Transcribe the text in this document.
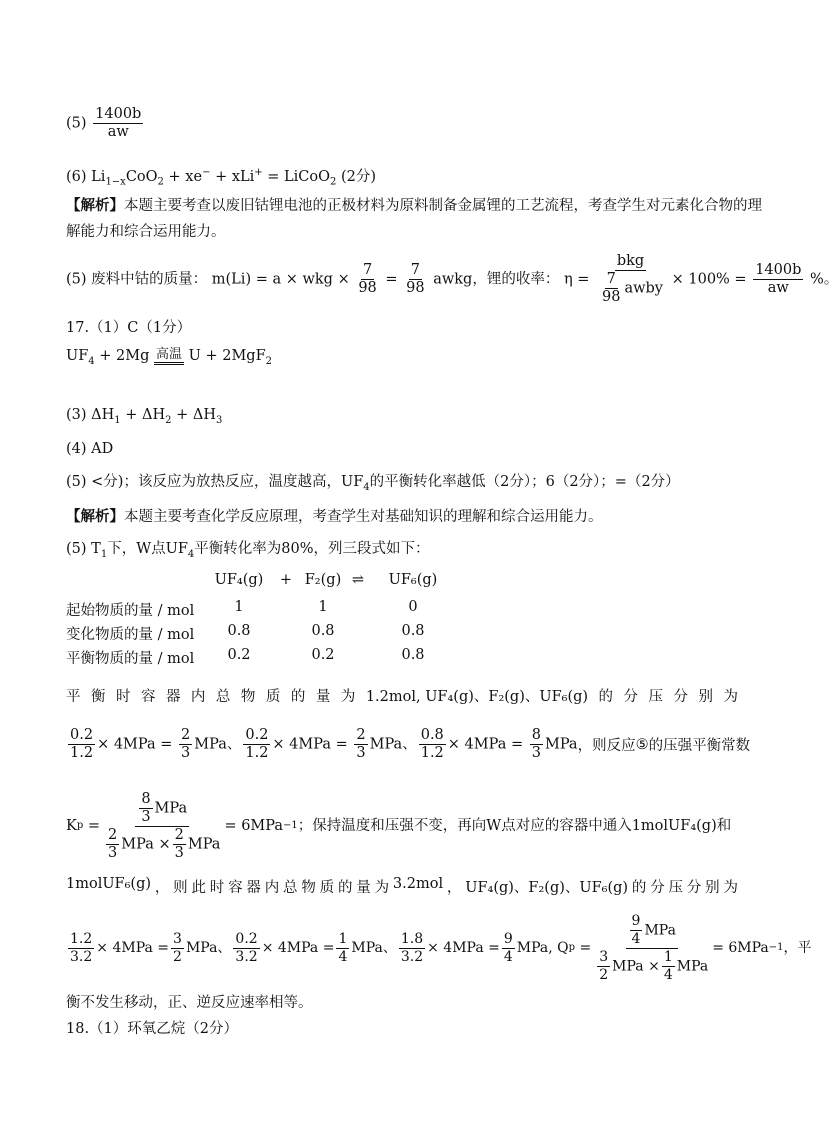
$(5) \frac{1400b}{aw}$
(6) $Li_{1-x}CoO_2 + xe^- + xLi^+$ = LiCoO$_2$ (2分)
【解析】本题主要考查以废旧钴锂电池的正极材料为原料制备金属锂的工艺流程，考查学生对元素化合物的理
解能力和综合运用能力。
(5) 废料中钴的质量： m(Li) = a × wkg × $\frac{7}{98} = \frac{7}{98}$ awkg，锂的收率： $\eta = \frac{\text{bkg}}{\frac{7}{98} awby} \times 100\% = \frac{1400b}{aw}$ %。
17.（1）C（1分）
$UF_4 + 2Mg$ 高温 U + 2MgF$_2$
(3) $\Delta H_1 + \Delta H_2 + \Delta H_3$
(4) AD
(5) <分)；该反应为放热反应，温度越高，$UF_4$的平衡转化率越低（2分）；6（2分）；=（2分）
【解析】本题主要考查化学反应原理，考查学生对基础知识的理解和综合运用能力。
(5) $T_1$下，W点$UF_4$平衡转化率为80%，列三段式如下：
UF₄(g) + F₂(g) ⇌ UF₆(g)
起始物质的量 / mol	1	1	0
变化物质的量 / mol	0.8	0.8	0.8
平衡物质的量 / mol	0.2	0.2	0.8
平 衡 时 容 器 内 总 物 质 的 量 为 1.2mol, UF₄(g)、F₂(g)、UF₆(g) 的 分 压 分 别 为
$\frac{0.2}{1.2} \times 4MPa = \frac{2}{3}$ MPa、 $\frac{0.2}{1.2} \times 4MPa = \frac{2}{3}$ MPa、 $\frac{0.8}{1.2} \times 4MPa = \frac{8}{3}$ MPa ， 则 反 应 ⑤ 的 压 强 平 衡 常 数
K p
= $\frac{\frac{8}{3} MPa}{\frac{2}{3} MPa \times \frac{2}{3} MPa} = 6MPa -1$ ；保持温度和压强不变，再向W点对应的容器中通入1molUF₄(g)和
1molUF₆(g) ， 则 此 时 容 器 内 总 物 质 的 量 为 3.2mol ， UF₄(g)、F₂(g)、UF₆(g) 的 分 压 分 别 为
$\frac{1.2}{3.2} \times 4MPa = \frac{3}{2}$ MPa、 $\frac{0.2}{3.2} \times 4MPa = \frac{1}{4}$ MPa、 $\frac{1.8}{3.2} \times 4MPa = \frac{9}{4}$ MPa, Q p
= $\frac{\frac{9}{4} MPa}{\frac{3}{2} MPa \times \frac{1}{4} MPa} = 6MPa -1$ ，平
衡不发生移动，正、逆反应速率相等。
18.（1）环氧乙烷（2分）
